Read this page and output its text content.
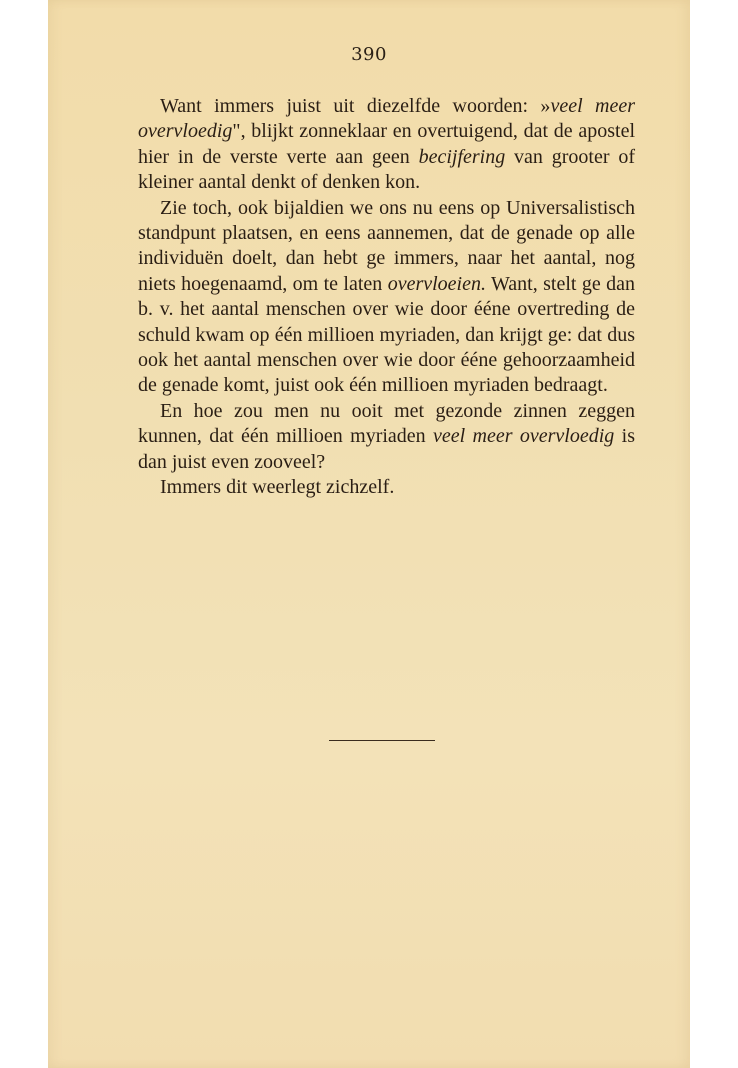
390

Want immers juist uit diezelfde woorden: »veel meer overvloedig", blijkt zonneklaar en overtuigend, dat de apostel hier in de verste verte aan geen becijfering van grooter of kleiner aantal denkt of denken kon.

Zie toch, ook bijaldien we ons nu eens op Universalistisch standpunt plaatsen, en eens aannemen, dat de genade op alle individuën doelt, dan hebt ge immers, naar het aantal, nog niets hoegenaamd, om te laten overvloeien. Want, stelt ge dan b. v. het aantal menschen over wie door ééne overtreding de schuld kwam op één millioen myriaden, dan krijgt ge: dat dus ook het aantal menschen over wie door ééne gehoorzaamheid de genade komt, juist ook één millioen myriaden bedraagt.

En hoe zou men nu ooit met gezonde zinnen zeggen kunnen, dat één millioen myriaden veel meer overvloedig is dan juist even zooveel?

Immers dit weerlegt zichzelf.
